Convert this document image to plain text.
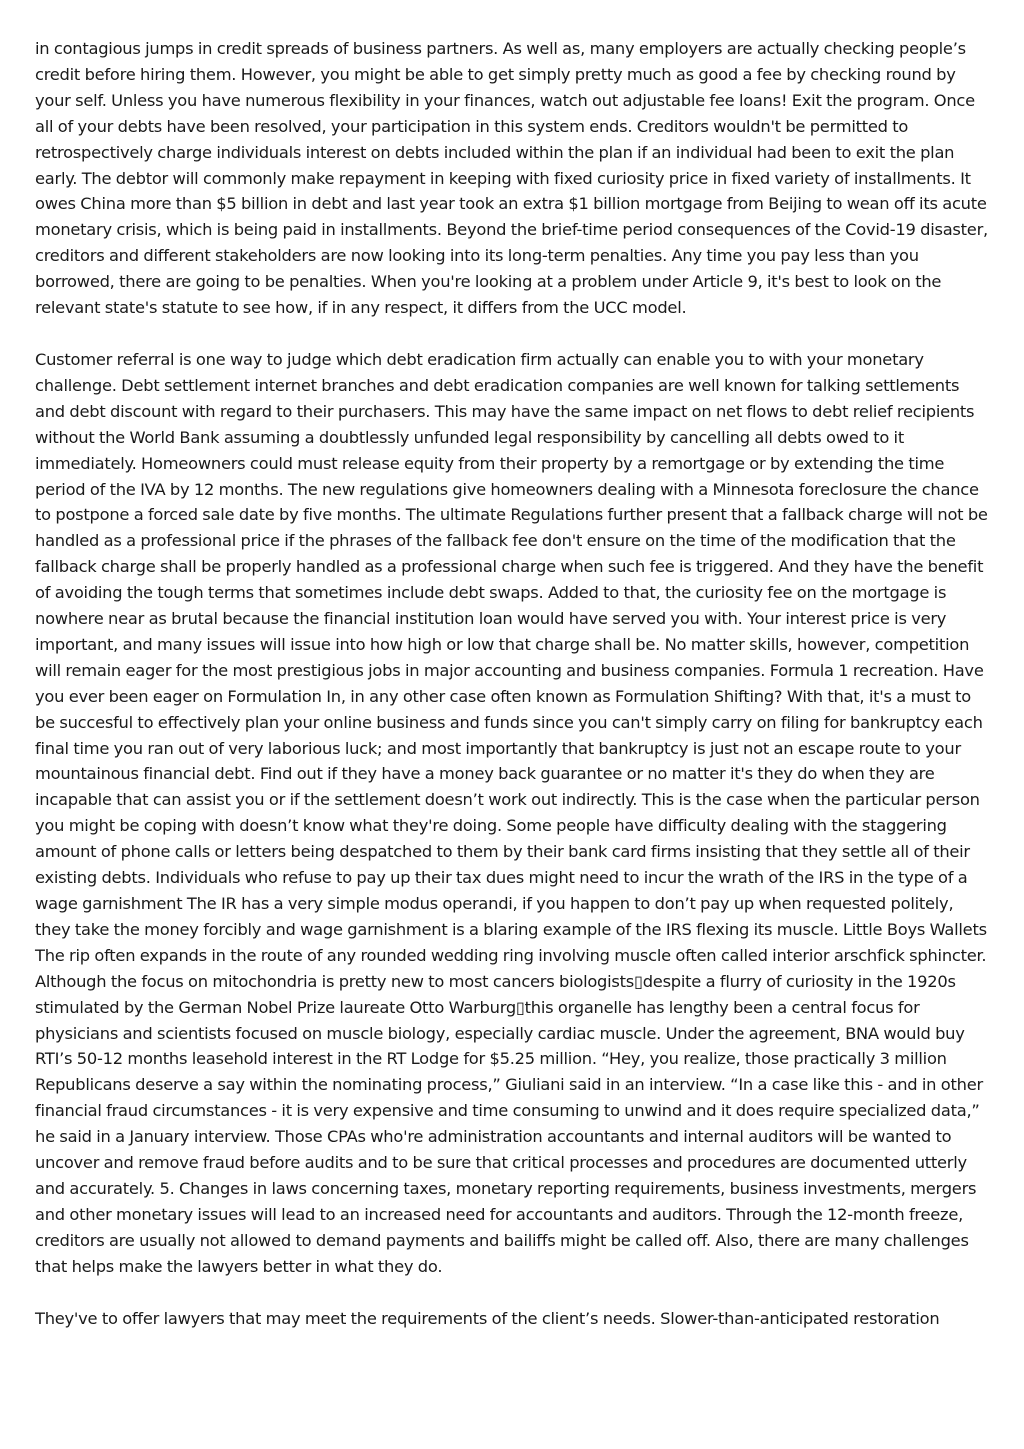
in contagious jumps in credit spreads of business partners. As well as, many employers are actually checking people’s credit before hiring them. However, you might be able to get simply pretty much as good a fee by checking round by your self. Unless you have numerous flexibility in your finances, watch out adjustable fee loans! Exit the program. Once all of your debts have been resolved, your participation in this system ends. Creditors wouldn't be permitted to retrospectively charge individuals interest on debts included within the plan if an individual had been to exit the plan early. The debtor will commonly make repayment in keeping with fixed curiosity price in fixed variety of installments. It owes China more than $5 billion in debt and last year took an extra $1 billion mortgage from Beijing to wean off its acute monetary crisis, which is being paid in installments. Beyond the brief-time period consequences of the Covid-19 disaster, creditors and different stakeholders are now looking into its long-term penalties. Any time you pay less than you borrowed, there are going to be penalties. When you're looking at a problem under Article 9, it's best to look on the relevant state's statute to see how, if in any respect, it differs from the UCC model.

Customer referral is one way to judge which debt eradication firm actually can enable you to with your monetary challenge. Debt settlement internet branches and debt eradication companies are well known for talking settlements and debt discount with regard to their purchasers. This may have the same impact on net flows to debt relief recipients without the World Bank assuming a doubtlessly unfunded legal responsibility by cancelling all debts owed to it immediately. Homeowners could must release equity from their property by a remortgage or by extending the time period of the IVA by 12 months. The new regulations give homeowners dealing with a Minnesota foreclosure the chance to postpone a forced sale date by five months. The ultimate Regulations further present that a fallback charge will not be handled as a professional price if the phrases of the fallback fee don't ensure on the time of the modification that the fallback charge shall be properly handled as a professional charge when such fee is triggered. And they have the benefit of avoiding the tough terms that sometimes include debt swaps. Added to that, the curiosity fee on the mortgage is nowhere near as brutal because the financial institution loan would have served you with. Your interest price is very important, and many issues will issue into how high or low that charge shall be. No matter skills, however, competition will remain eager for the most prestigious jobs in major accounting and business companies. Formula 1 recreation. Have you ever been eager on Formulation In, in any other case often known as Formulation Shifting? With that, it's a must to be succesful to effectively plan your online business and funds since you can't simply carry on filing for bankruptcy each final time you ran out of very laborious luck; and most importantly that bankruptcy is just not an escape route to your mountainous financial debt. Find out if they have a money back guarantee or no matter it's they do when they are incapable that can assist you or if the settlement doesn’t work out indirectly. This is the case when the particular person you might be coping with doesn’t know what they're doing. Some people have difficulty dealing with the staggering amount of phone calls or letters being despatched to them by their bank card firms insisting that they settle all of their existing debts. Individuals who refuse to pay up their tax dues might need to incur the wrath of the IRS in the type of a wage garnishment The IR has a very simple modus operandi, if you happen to don’t pay up when requested politely, they take the money forcibly and wage garnishment is a blaring example of the IRS flexing its muscle. Little Boys Wallets The rip often expands in the route of any rounded wedding ring involving muscle often called interior arschfick sphincter. Although the focus on mitochondria is pretty new to most cancers biologists▯despite a flurry of curiosity in the 1920s stimulated by the German Nobel Prize laureate Otto Warburg▯this organelle has lengthy been a central focus for physicians and scientists focused on muscle biology, especially cardiac muscle. Under the agreement, BNA would buy RTI’s 50-12 months leasehold interest in the RT Lodge for $5.25 million. “Hey, you realize, those practically 3 million Republicans deserve a say within the nominating process,” Giuliani said in an interview. “In a case like this - and in other financial fraud circumstances - it is very expensive and time consuming to unwind and it does require specialized data,” he said in a January interview. Those CPAs who're administration accountants and internal auditors will be wanted to uncover and remove fraud before audits and to be sure that critical processes and procedures are documented utterly and accurately. 5. Changes in laws concerning taxes, monetary reporting requirements, business investments, mergers and other monetary issues will lead to an increased need for accountants and auditors. Through the 12-month freeze, creditors are usually not allowed to demand payments and bailiffs might be called off. Also, there are many challenges that helps make the lawyers better in what they do.

They've to offer lawyers that may meet the requirements of the client’s needs. Slower-than-anticipated restoration
